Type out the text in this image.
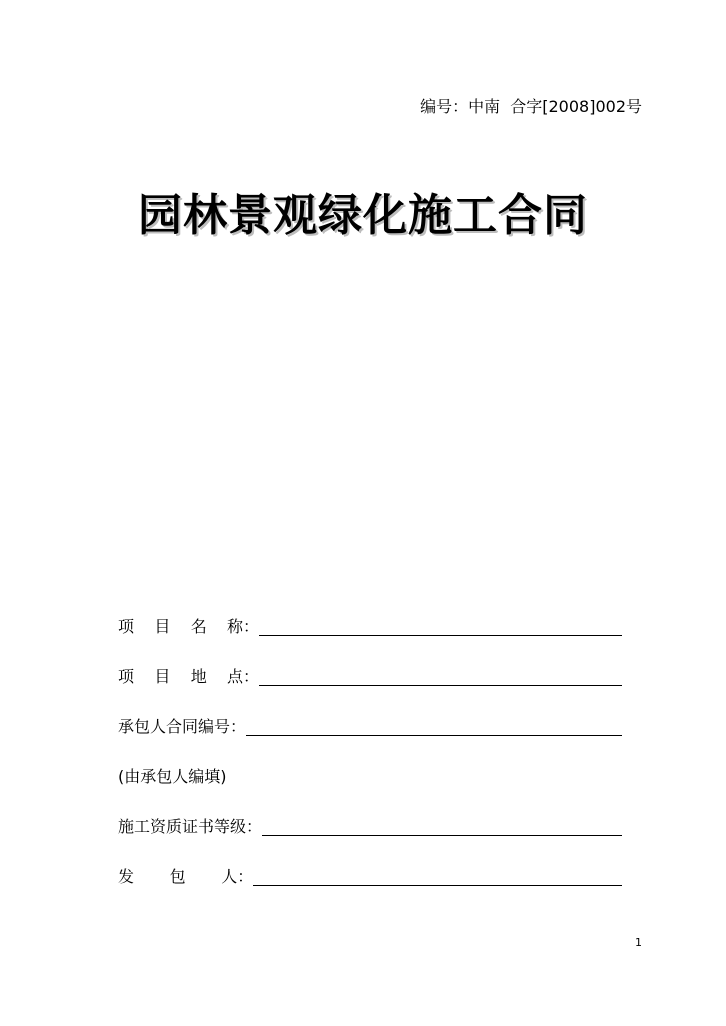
编号：中南  合字[2008]002号
园林景观绿化施工合同
项    目    名    称：
项    目    地    点：
承包人合同编号：
(由承包人编填)
施工资质证书等级：
发       包       人：
1
